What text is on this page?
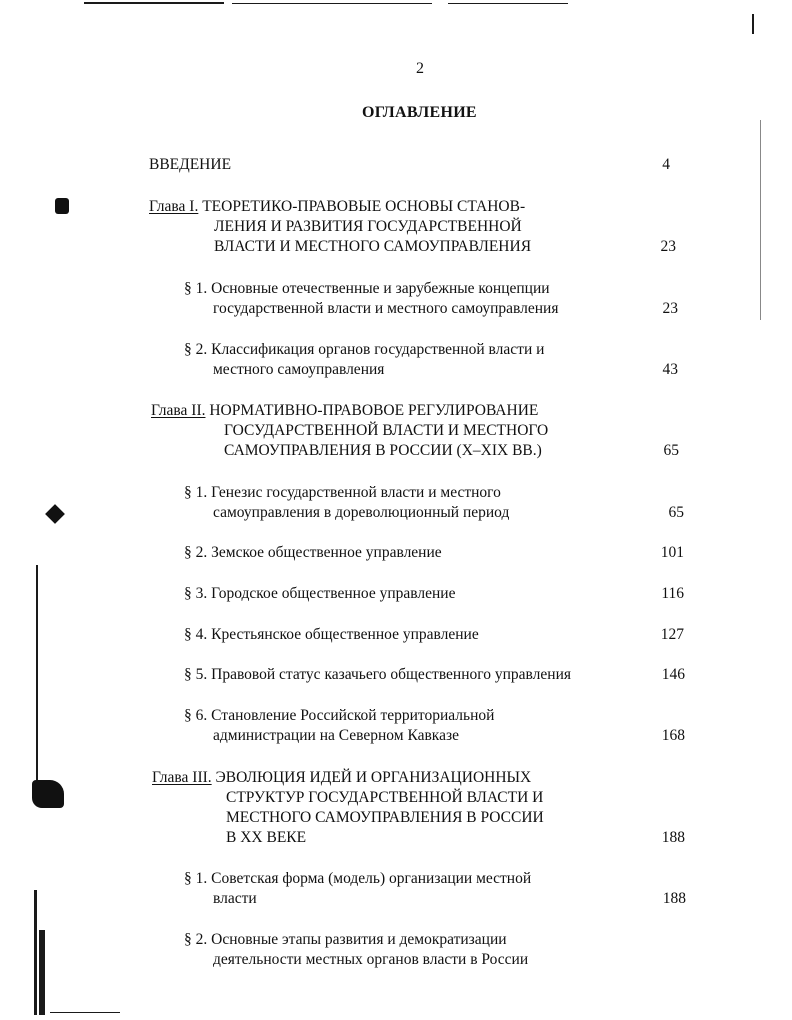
2
ОГЛАВЛЕНИЕ
ВВЕДЕНИЕ	4
Глава I. ТЕОРЕТИКО-ПРАВОВЫЕ ОСНОВЫ СТАНОВ-
ЛЕНИЯ И РАЗВИТИЯ ГОСУДАРСТВЕННОЙ
ВЛАСТИ И МЕСТНОГО САМОУПРАВЛЕНИЯ	23
§ 1. Основные отечественные и зарубежные концепции
государственной власти и местного самоуправления	23
§ 2. Классификация органов государственной власти и
местного самоуправления	43
Глава II. НОРМАТИВНО-ПРАВОВОЕ РЕГУЛИРОВАНИЕ
ГОСУДАРСТВЕННОЙ ВЛАСТИ И МЕСТНОГО
САМОУПРАВЛЕНИЯ В РОССИИ (X–XIX ВВ.)	65
§ 1. Генезис государственной власти и местного
самоуправления в дореволюционный период	65
§ 2. Земское общественное управление	101
§ 3. Городское общественное управление	116
§ 4. Крестьянское общественное управление	127
§ 5. Правовой статус казачьего общественного управления	146
§ 6. Становление Российской территориальной
администрации на Северном Кавказе	168
Глава III. ЭВОЛЮЦИЯ ИДЕЙ И ОРГАНИЗАЦИОННЫХ
СТРУКТУР ГОСУДАРСТВЕННОЙ ВЛАСТИ И
МЕСТНОГО САМОУПРАВЛЕНИЯ В РОССИИ
В XX ВЕКЕ	188
§ 1. Советская форма (модель) организации местной
власти	188
§ 2. Основные этапы развития и демократизации
деятельности местных органов власти в России
